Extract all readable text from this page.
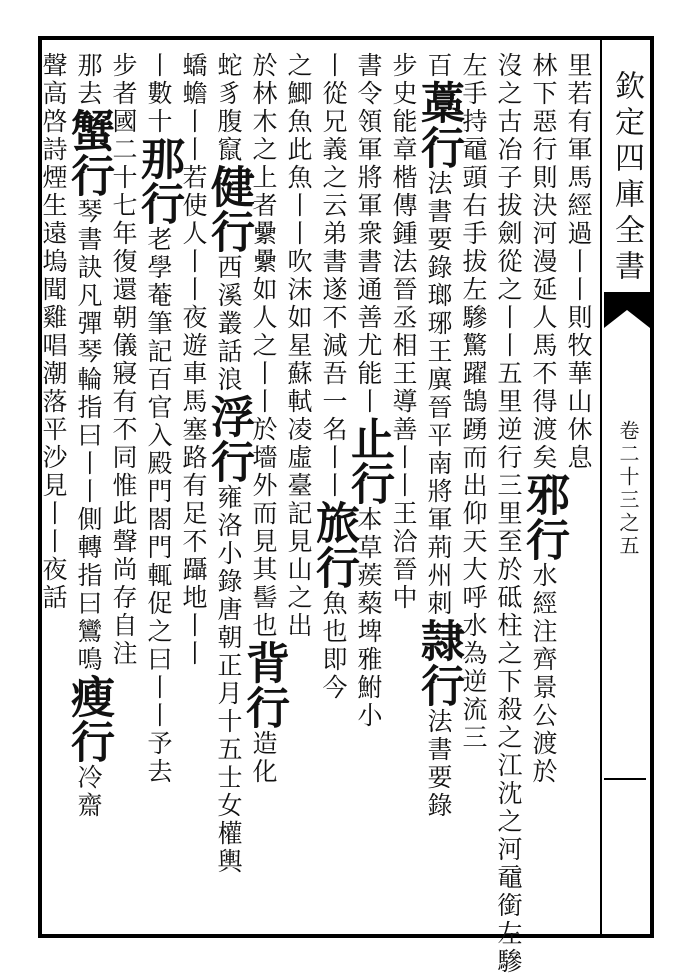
欽定四庫全書
卷二十三之五
里若有軍馬經過丨丨則牧華山休息
林下惡行則決河漫延人馬不得渡矣邪行水經注齊景公渡於
沒之古冶子拔劍從之丨丨五里逆行三里至於砥柱之下殺之江沈之河黿銜左驂
左手持黿頭右手拔左驂驚躍鵠踴而出仰天大呼水為逆流三
百藁行法書要錄瑯琊王廙晉平南將軍荊州刺隷行法書要錄
步史能章楷傳鍾法晉丞相王導善丨丨王洽晉中
書令領軍將軍衆書通善尤能丨止行本草蒺蔾埤雅鮒小
丨從兄義之云弟書遂不減吾一名丨丨旅行魚也即今
之鯽魚此魚丨丨吹沫如星蘇軾凌虛臺記見山之出
於林木之上者纍纍如人之丨丨於墻外而見其髻也背行造化
蛇豸腹竄健行西溪叢話浪浮行雍洛小錄唐朝正月十五士女權輿
蟜蟾丨丨若使人丨丨夜遊車馬塞路有足不躡地丨丨
丨數十那行老學菴筆記百官入殿門閤門輒促之曰丨丨予去
步者國二十七年復還朝儀寢有不同惟此聲尚存自注
那去蟹行琴書訣凡彈琴輪指曰丨丨側轉指曰鸞鳴瘦行冷齋
聲高啓詩煙生遠塢聞雞唱潮落平沙見丨丨夜話
